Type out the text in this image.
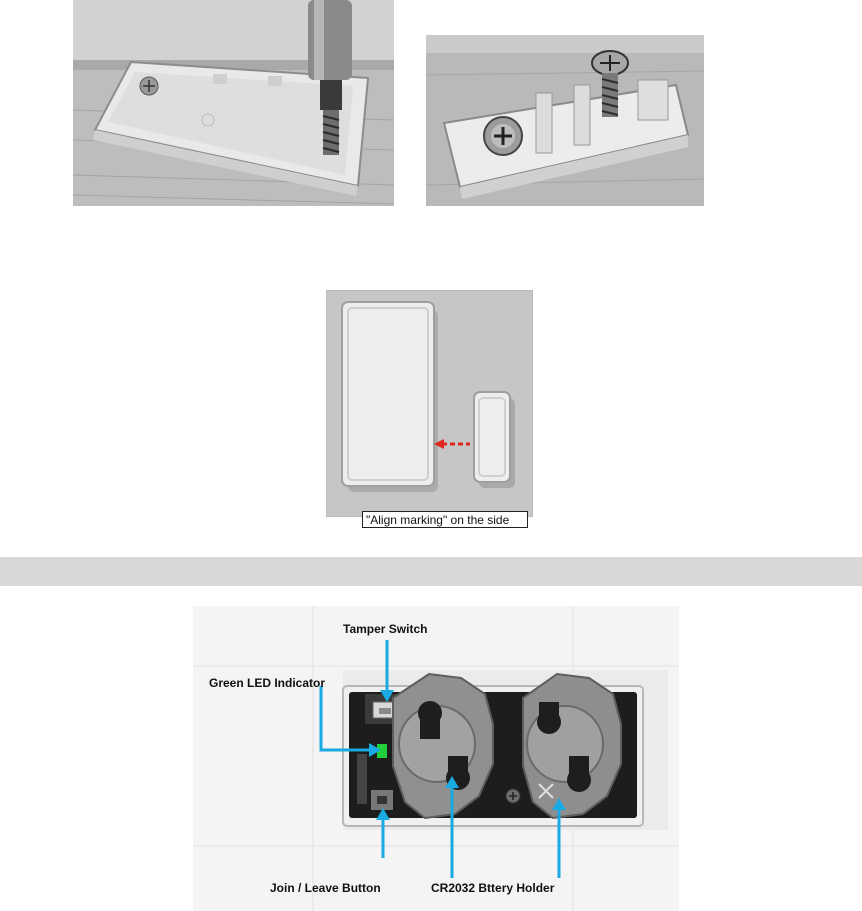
"Align marking" on the side
Tamper Switch
Green LED Indicator
Join / Leave Button	CR2032 Bttery Holder
